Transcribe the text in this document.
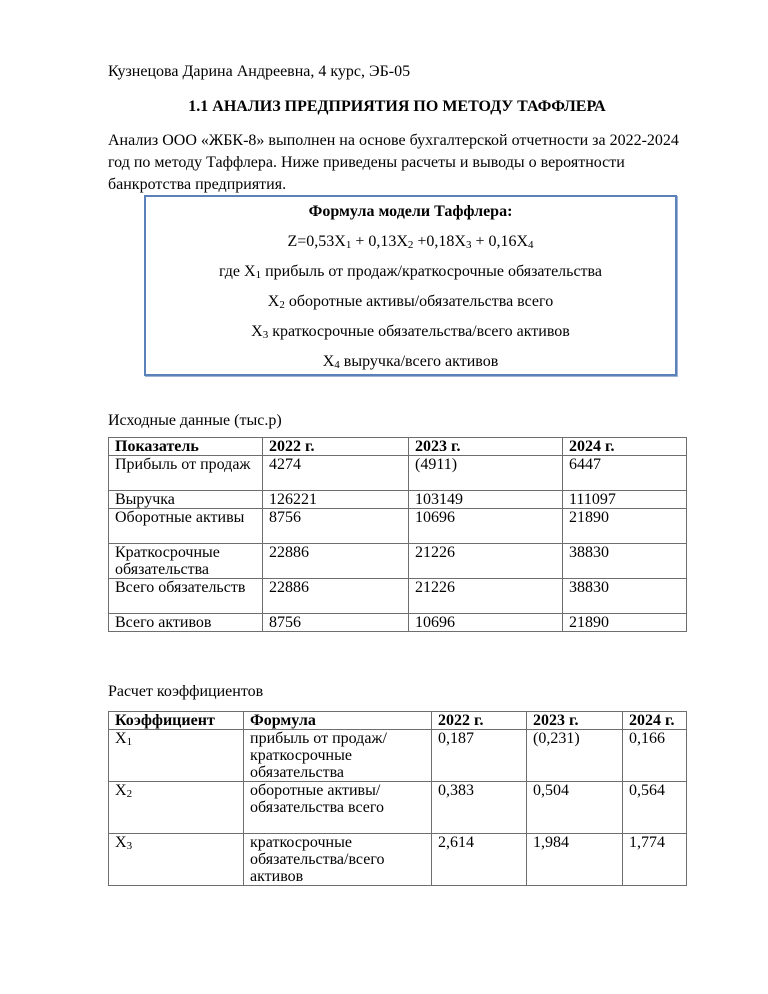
Кузнецова Дарина Андреевна, 4 курс, ЭБ-05
1.1 АНАЛИЗ ПРЕДПРИЯТИЯ ПО МЕТОДУ ТАФФЛЕРА
Анализ ООО «ЖБК-8» выполнен на основе бухгалтерской отчетности за 2022-2024 год по методу Таффлера. Ниже приведены расчеты и выводы о вероятности банкротства предприятия.
Формула модели Таффлера:
$Z=0,53X_1 + 0,13X_2 +0,18X_3 + 0,16X_4$
где $X_1$ прибыль от продаж/краткосрочные обязательства
$X_2$ оборотные активы/обязательства всего
$X_3$ краткосрочные обязательства/всего активов
$X_4$ выручка/всего активов
Исходные данные (тыс.р)
Показатель	2022 г.	2023 г.	2024 г.
Прибыль от продаж	4274	(4911)	6447
Выручка	126221	103149	111097
Оборотные активы	8756	10696	21890
Краткосрочные обязательства	22886	21226	38830
Всего обязательств	22886	21226	38830
Всего активов	8756	10696	21890
Расчет коэффициентов
Коэффициент	Формула	2022 г.	2023 г.	2024 г.
$X_1$	прибыль от продаж/краткосрочные обязательства	0,187	(0,231)	0,166
$X_2$	оборотные активы/обязательства всего	0,383	0,504	0,564
$X_3$	краткосрочные обязательства/всего активов	2,614	1,984	1,774
